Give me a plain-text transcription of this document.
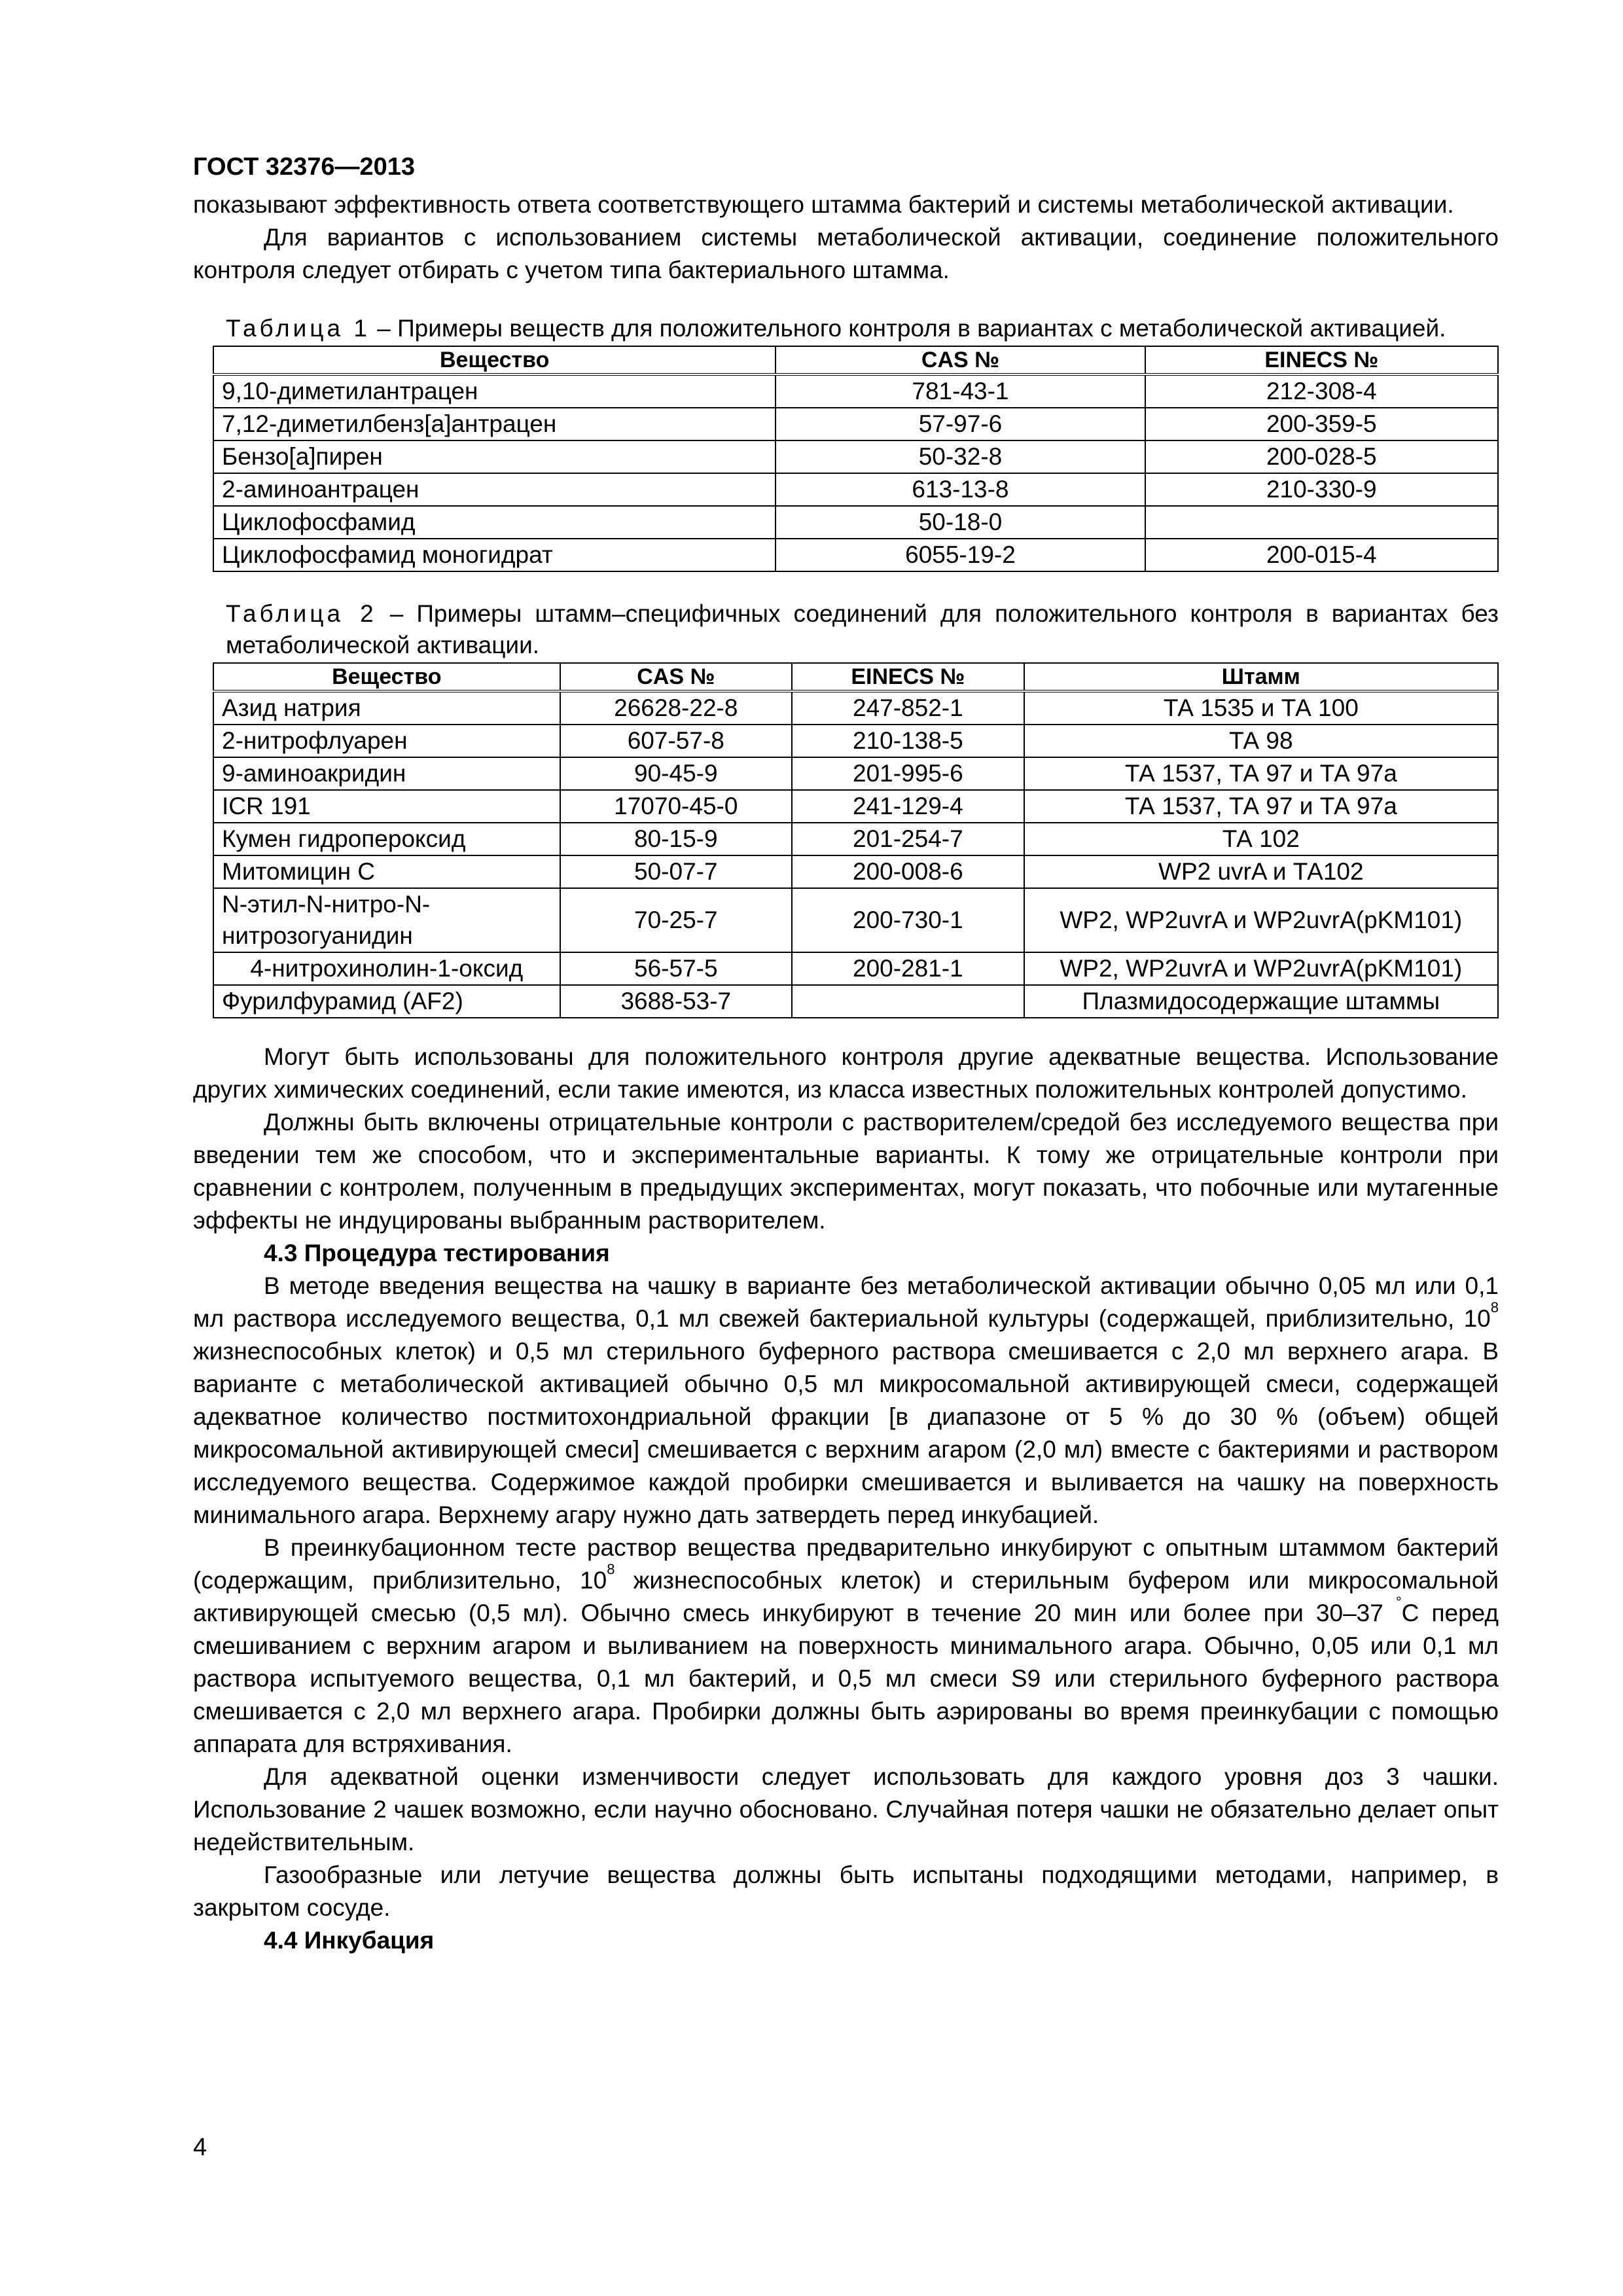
ГОСТ 32376—2013

показывают эффективность ответа соответствующего штамма бактерий и системы метаболической активации.

Для вариантов с использованием системы метаболической активации, соединение положительного контроля следует отбирать с учетом типа бактериального штамма.

Таблица 1 – Примеры веществ для положительного контроля в вариантах с метаболической активацией.
Вещество	CAS №	EINECS №
9,10-диметилантрацен	781-43-1	212-308-4
7,12-диметилбенз[a]антрацен	57-97-6	200-359-5
Бензо[а]пирен	50-32-8	200-028-5
2-аминоантрацен	613-13-8	210-330-9
Циклофосфамид	50-18-0	
Циклофосфамид моногидрат	6055-19-2	200-015-4
Таблица 2 – Примеры штамм–специфичных соединений для положительного контроля в вариантах без метаболической активации.
Вещество	CAS №	EINECS №	Штамм
Азид натрия	26628-22-8	247-852-1	ТА 1535 и ТА 100
2-нитрофлуарен	607-57-8	210-138-5	ТА 98
9-аминоакридин	90-45-9	201-995-6	ТА 1537, ТА 97 и ТА 97a
ICR 191	17070-45-0	241-129-4	ТА 1537, ТА 97 и ТА 97a
Кумен гидропероксид	80-15-9	201-254-7	ТА 102
Митомицин С	50-07-7	200-008-6	WP2 uvrA и ТА102
N-этил-N-нитро-N-нитрозогуанидин	70-25-7	200-730-1	WP2, WP2uvrA и WP2uvrA(pKM101)
4-нитрохинолин-1-оксид	56-57-5	200-281-1	WP2, WP2uvrA и WP2uvrA(pKM101)
Фурилфурамид (AF2)	3688-53-7		Плазмидосодержащие штаммы

Могут быть использованы для положительного контроля другие адекватные вещества. Использование других химических соединений, если такие имеются, из класса известных положительных контролей допустимо.

Должны быть включены отрицательные контроли с растворителем/средой без исследуемого вещества при введении тем же способом, что и экспериментальные варианты. К тому же отрицательные контроли при сравнении с контролем, полученным в предыдущих экспериментах, могут показать, что побочные или мутагенные эффекты не индуцированы выбранным растворителем.

4.3 Процедура тестирования

В методе введения вещества на чашку в варианте без метаболической активации обычно 0,05 мл или 0,1 мл раствора исследуемого вещества, 0,1 мл свежей бактериальной культуры (содержащей, приблизительно, $10^8$ жизнеспособных клеток) и 0,5 мл стерильного буферного раствора смешивается с 2,0 мл верхнего агара. В варианте с метаболической активацией обычно 0,5 мл микросомальной активирующей смеси, содержащей адекватное количество постмитохондриальной фракции [в диапазоне от 5 % до 30 % (объем) общей микросомальной активирующей смеси] смешивается с верхним агаром (2,0 мл) вместе с бактериями и раствором исследуемого вещества. Содержимое каждой пробирки смешивается и выливается на чашку на поверхность минимального агара. Верхнему агару нужно дать затвердеть перед инкубацией.

В преинкубационном тесте раствор вещества предварительно инкубируют с опытным штаммом бактерий (содержащим, приблизительно, $10^8$ жизнеспособных клеток) и стерильным буфером или микросомальной активирующей смесью (0,5 мл). Обычно смесь инкубируют в течение 20 мин или более при 30–37 °С перед смешиванием с верхним агаром и выливанием на поверхность минимального агара. Обычно, 0,05 или 0,1 мл раствора испытуемого вещества, 0,1 мл бактерий, и 0,5 мл смеси S9 или стерильного буферного раствора смешивается с 2,0 мл верхнего агара. Пробирки должны быть аэрированы во время преинкубации с помощью аппарата для встряхивания.

Для адекватной оценки изменчивости следует использовать для каждого уровня доз 3 чашки. Использование 2 чашек возможно, если научно обосновано. Случайная потеря чашки не обязательно делает опыт недействительным.

Газообразные или летучие вещества должны быть испытаны подходящими методами, например, в закрытом сосуде.

4.4 Инкубация
4
